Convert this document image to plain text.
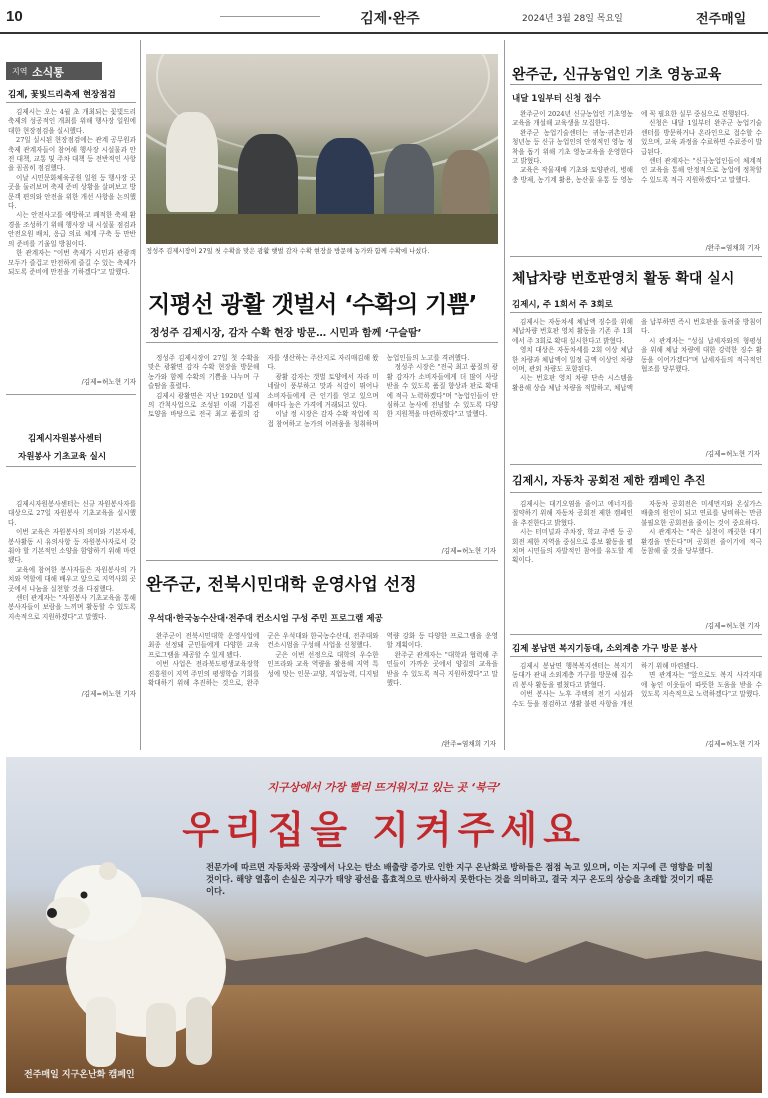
10	김제·완주	2024년 3월 28일 목요일	전주매일
지역 소식통
김제, 꽃빛드리축제 현장점검

김제시는 오는 4월 초 개최되는 꽃빛드리축제의 성공적인 개최를 위해 행사장 일원에 대한 현장점검을 실시했다.

27일 실시된 현장점검에는 관계 공무원과 축제 관계자들이 참여해 행사장 시설물과 안전 대책, 교통 및 주차 대책 등 전반적인 사항을 꼼꼼히 점검했다.

이날 시민문화체육공원 일원 등 행사장 곳곳을 둘러보며 축제 준비 상황을 살펴보고 방문객 편의와 안전을 위한 개선 사항을 논의했다.

시는 안전사고를 예방하고 쾌적한 축제 환경을 조성하기 위해 행사장 내 시설물 점검과 안전요원 배치, 응급 의료 체계 구축 등 만반의 준비를 기울일 방침이다.

한 관계자는 "이번 축제가 시민과 관광객 모두가 즐겁고 안전하게 즐길 수 있는 축제가 되도록 준비에 만전을 기하겠다"고 말했다.

/김제=허노현 기자
김제시자원봉사센터
자원봉사 기초교육 실시

김제시자원봉사센터는 신규 자원봉사자를 대상으로 27일 자원봉사 기초교육을 실시했다.

이번 교육은 자원봉사의 의미와 기본자세, 봉사활동 시 유의사항 등 자원봉사자로서 갖춰야 할 기본적인 소양을 함양하기 위해 마련됐다.

교육에 참여한 봉사자들은 자원봉사의 가치와 역할에 대해 배우고 앞으로 지역사회 곳곳에서 나눔을 실천할 것을 다짐했다.

센터 관계자는 "자원봉사 기초교육을 통해 봉사자들이 보람을 느끼며 활동할 수 있도록 지속적으로 지원하겠다"고 말했다.

/김제=허노현 기자
정성주 김제시장이 27일 첫 수확을 맞은 광활 햇벌 감자 수확 현장을 방문해 농가와 함께 수확에 나섰다.
지평선 광활 갯벌서 ‘수확의 기쁨’
정성주 김제시장, 감자 수확 현장 방문… 시민과 함께 ‘구슬땀’

정성주 김제시장이 27일 첫 수확을 맞은 광활면 감자 수확 현장을 방문해 농가와 함께 수확의 기쁨을 나누며 구슬땀을 흘렸다.

김제시 광활면은 지난 1920년 일제의 간척사업으로 조성된 이래 기름진 토양을 바탕으로 전국 최고 품질의 감자를 생산하는 주산지로 자리매김해 왔다.

광활 감자는 갯벌 토양에서 자라 미네랄이 풍부하고 맛과 식감이 뛰어나 소비자들에게 큰 인기를 얻고 있으며 해마다 높은 가격에 거래되고 있다.

이날 정 시장은 감자 수확 작업에 직접 참여하고 농가의 어려움을 청취하며 농업인들의 노고를 격려했다.

정성주 시장은 "전국 최고 품질의 광활 감자가 소비자들에게 더 많이 사랑받을 수 있도록 품질 향상과 판로 확대에 적극 노력하겠다"며 "농업인들이 안심하고 농사에 전념할 수 있도록 다양한 지원책을 마련하겠다"고 말했다.

/김제=허노현 기자
완주군, 전북시민대학 운영사업 선정
우석대·한국농수산대·전주대 컨소시엄 구성 주민 프로그램 제공

완주군이 전북시민대학 운영사업에 최종 선정돼 군민들에게 다양한 교육 프로그램을 제공할 수 있게 됐다.

이번 사업은 전라북도평생교육장학진흥원이 지역 주민의 평생학습 기회를 확대하기 위해 추진하는 것으로, 완주군은 우석대와 한국농수산대, 전주대와 컨소시엄을 구성해 사업을 신청했다.

군은 이번 선정으로 대학의 우수한 인프라와 교육 역량을 활용해 지역 특성에 맞는 인문·교양, 직업능력, 디지털 역량 강화 등 다양한 프로그램을 운영할 계획이다.

완주군 관계자는 "대학과 협력해 주민들이 가까운 곳에서 양질의 교육을 받을 수 있도록 적극 지원하겠다"고 말했다.

/완주=염채희 기자
완주군, 신규농업인 기초 영농교육
내달 1일부터 신청 접수

완주군이 2024년 신규농업인 기초영농교육을 개설해 교육생을 모집한다.

완주군 농업기술센터는 귀농·귀촌인과 청년농 등 신규 농업인의 안정적인 영농 정착을 돕기 위해 기초 영농교육을 운영한다고 밝혔다.

교육은 작물재배 기초와 토양관리, 병해충 방제, 농기계 활용, 농산물 유통 등 영농에 꼭 필요한 실무 중심으로 진행된다.

신청은 내달 1일부터 완주군 농업기술센터를 방문하거나 온라인으로 접수할 수 있으며, 교육 과정을 수료하면 수료증이 발급된다.

센터 관계자는 "신규농업인들이 체계적인 교육을 통해 안정적으로 농업에 정착할 수 있도록 적극 지원하겠다"고 말했다.

/완주=염채희 기자
체납차량 번호판영치 활동 확대 실시
김제시, 주 1회서 주 3회로

김제시는 자동차세 체납액 징수를 위해 체납차량 번호판 영치 활동을 기존 주 1회에서 주 3회로 확대 실시한다고 밝혔다.

영치 대상은 자동차세를 2회 이상 체납한 차량과 체납액이 일정 금액 이상인 차량이며, 관외 차량도 포함된다.

시는 번호판 영치 차량 단속 시스템을 활용해 상습 체납 차량을 적발하고, 체납액을 납부하면 즉시 번호판을 돌려줄 방침이다.

시 관계자는 "성실 납세자와의 형평성을 위해 체납 차량에 대한 강력한 징수 활동을 이어가겠다"며 납세자들의 적극적인 협조를 당부했다.

/김제=허노현 기자
김제시, 자동차 공회전 제한 캠페인 추진

김제시는 대기오염을 줄이고 에너지를 절약하기 위해 자동차 공회전 제한 캠페인을 추진한다고 밝혔다.

시는 터미널과 주차장, 학교 주변 등 공회전 제한 지역을 중심으로 홍보 활동을 펼치며 시민들의 자발적인 참여를 유도할 계획이다.

자동차 공회전은 미세먼지와 온실가스 배출의 원인이 되고 연료를 낭비하는 만큼 불필요한 공회전을 줄이는 것이 중요하다.

시 관계자는 "작은 실천이 깨끗한 대기 환경을 만든다"며 공회전 줄이기에 적극 동참해 줄 것을 당부했다.

/김제=허노현 기자
김제 봉남면 복지기동대, 소외계층 가구 방문 봉사

김제시 봉남면 행복복지센터는 복지기동대가 관내 소외계층 가구를 방문해 집수리 봉사 활동을 펼쳤다고 밝혔다.

이번 봉사는 노후 주택의 전기 시설과 수도 등을 점검하고 생활 불편 사항을 개선하기 위해 마련됐다.

면 관계자는 "앞으로도 복지 사각지대에 놓인 이웃들이 따뜻한 도움을 받을 수 있도록 지속적으로 노력하겠다"고 말했다.

/김제=허노현 기자
지구상에서 가장 빨리 뜨거워지고 있는 곳 ‘북극’
우리집을 지켜주세요
전문가에 따르면 자동차와 공장에서 나오는 탄소 배출량 증가로 인한 지구 온난화로 방하들은 점점 녹고 있으며, 이는 지구에 큰 영향을 미칠 것이다. 해양 열흡이 손실은 지구가 태양 광선을 흡효적으로 반사하지 못한다는 것을 의미하고, 결국 지구 온도의 상승을 초래할 것이기 때문이다.
전주매일 지구온난화 캠페인
